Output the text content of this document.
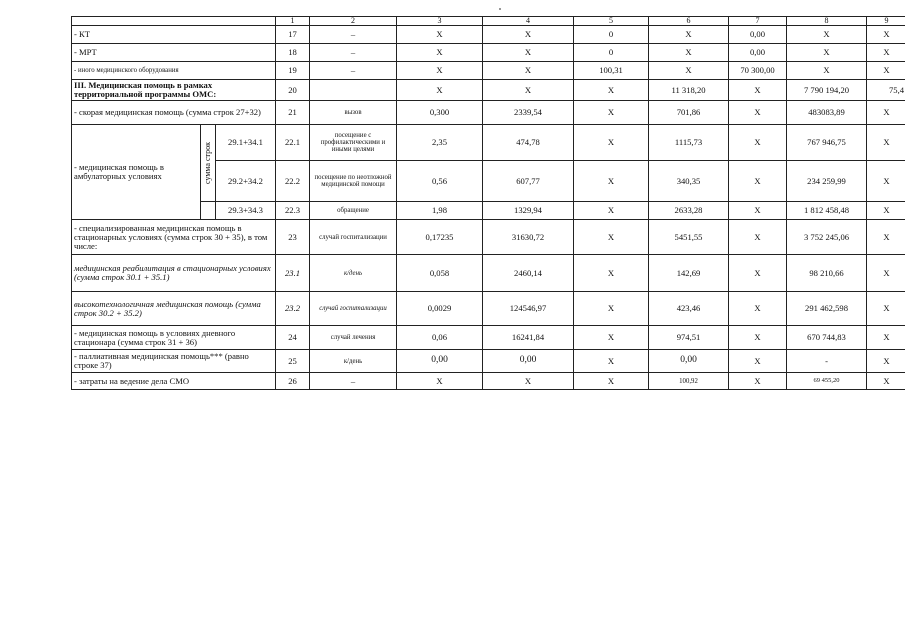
			1	2	3	4	5	6	7	8	9
- КТ			17	–	Х	Х	0	Х	0,00	Х	Х
- МРТ			18	–	Х	Х	0	Х	0,00	Х	Х
- иного медицинского оборудования			19	–	Х	Х	100,31	Х	70 300,00	Х	Х
III. Медицинская помощь в рамках территориальной программы ОМС:			20		Х	Х	Х	11 318,20	Х	7 790 194,20	75,4
- скорая медицинская помощь (сумма строк 27+32)			21	вызов	0,300	2339,54	Х	701,86	Х	483083,89	Х
- медицинская помощь в амбулаторных условиях	сумма строк	29.1+34.1	22.1	посещение с профилактическими и иными целями	2,35	474,78	Х	1115,73	Х	767 946,75	Х
		29.2+34.2	22.2	посещение по неотложной медицинской помощи	0,56	607,77	Х	340,35	Х	234 259,99	Х
		29.3+34.3	22.3	обращение	1,98	1329,94	Х	2633,28	Х	1 812 458,48	Х
- специализированная медицинская помощь в стационарных условиях (сумма строк 30 + 35), в том числе:			23	случай госпитализации	0,17235	31630,72	Х	5451,55	Х	3 752 245,06	Х
медицинская реабилитация в стационарных условиях (сумма строк 30.1 + 35.1)			23.1	к/день	0,058	2460,14	Х	142,69	Х	98 210,66	Х
высокотехнологичная медицинская помощь (сумма строк 30.2 + 35.2)			23.2	случай госпитализации	0,0029	124546,97	Х	423,46	Х	291 462,598	Х
- медицинская помощь в условиях дневного стационара (сумма строк 31 + 36)			24	случай лечения	0,06	16241,84	Х	974,51	Х	670 744,83	Х
- паллиативная медицинская помощь*** (равно строке 37)			25	к/день	0,00	0,00	Х	0,00	Х	-	Х
- затраты на ведение дела СМО			26	–	Х	Х	Х	100,92	Х	69 455,20	Х
